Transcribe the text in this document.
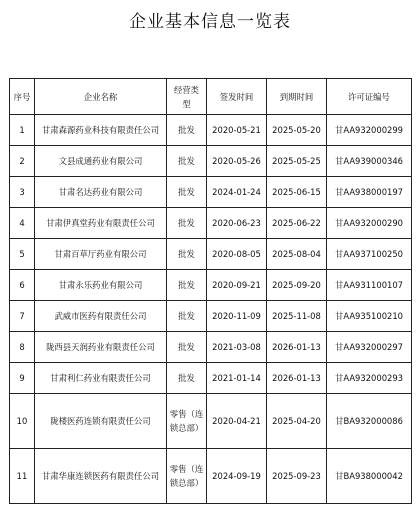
企业基本信息一览表
序号	企业名称	经营类型	签发时间	到期时间	许可证编号
1	甘肃森源药业科技有限责任公司	批发	2020-05-21	2025-05-20	甘AA932000299
2	文县成通药业有限公司	批发	2020-05-26	2025-05-25	甘AA939000346
3	甘肃名达药业有限公司	批发	2024-01-24	2025-06-15	甘AA938000197
4	甘肃伊真堂药业有限责任公司	批发	2020-06-23	2025-06-22	甘AA932000290
5	甘肃百草厅药业有限公司	批发	2020-08-05	2025-08-04	甘AA937100250
6	甘肃永乐药业有限公司	批发	2020-09-21	2025-09-20	甘AA931100107
7	武威市医药有限责任公司	批发	2020-11-09	2025-11-08	甘AA935100210
8	陇西县天润药业有限责任公司	批发	2021-03-08	2026-01-13	甘AA932000297
9	甘肃利仁药业有限责任公司	批发	2021-01-14	2026-01-13	甘AA932000293
10	陇楼医药连锁有限责任公司	零售（连锁总部）	2020-04-21	2025-04-20	甘BA932000086
11	甘肃华康连锁医药有限责任公司	零售（连锁总部）	2024-09-19	2025-09-23	甘BA938000042
